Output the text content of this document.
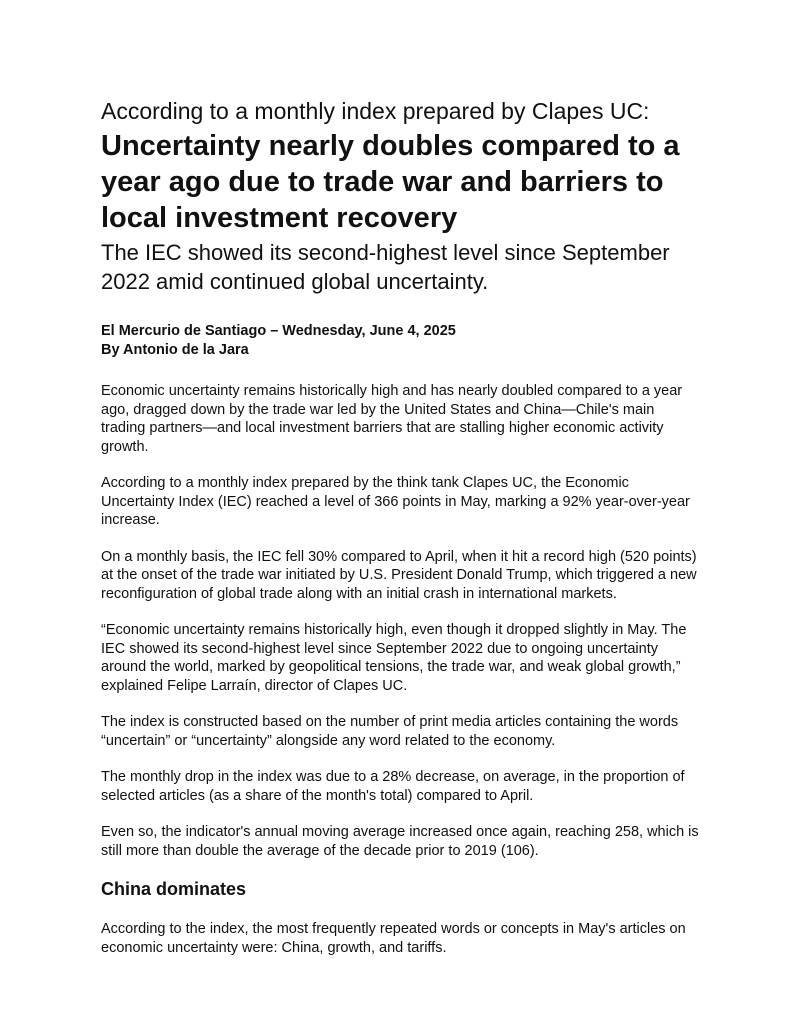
According to a monthly index prepared by Clapes UC:
Uncertainty nearly doubles compared to a year ago due to trade war and barriers to local investment recovery
The IEC showed its second-highest level since September 2022 amid continued global uncertainty.
El Mercurio de Santiago – Wednesday, June 4, 2025
By Antonio de la Jara

Economic uncertainty remains historically high and has nearly doubled compared to a year ago, dragged down by the trade war led by the United States and China—Chile's main trading partners—and local investment barriers that are stalling higher economic activity growth.

According to a monthly index prepared by the think tank Clapes UC, the Economic Uncertainty Index (IEC) reached a level of 366 points in May, marking a 92% year-over-year increase.

On a monthly basis, the IEC fell 30% compared to April, when it hit a record high (520 points) at the onset of the trade war initiated by U.S. President Donald Trump, which triggered a new reconfiguration of global trade along with an initial crash in international markets.

“Economic uncertainty remains historically high, even though it dropped slightly in May. The IEC showed its second-highest level since September 2022 due to ongoing uncertainty around the world, marked by geopolitical tensions, the trade war, and weak global growth,” explained Felipe Larraín, director of Clapes UC.

The index is constructed based on the number of print media articles containing the words “uncertain” or “uncertainty” alongside any word related to the economy.

The monthly drop in the index was due to a 28% decrease, on average, in the proportion of selected articles (as a share of the month's total) compared to April.

Even so, the indicator's annual moving average increased once again, reaching 258, which is still more than double the average of the decade prior to 2019 (106).

China dominates

According to the index, the most frequently repeated words or concepts in May's articles on economic uncertainty were: China, growth, and tariffs.
